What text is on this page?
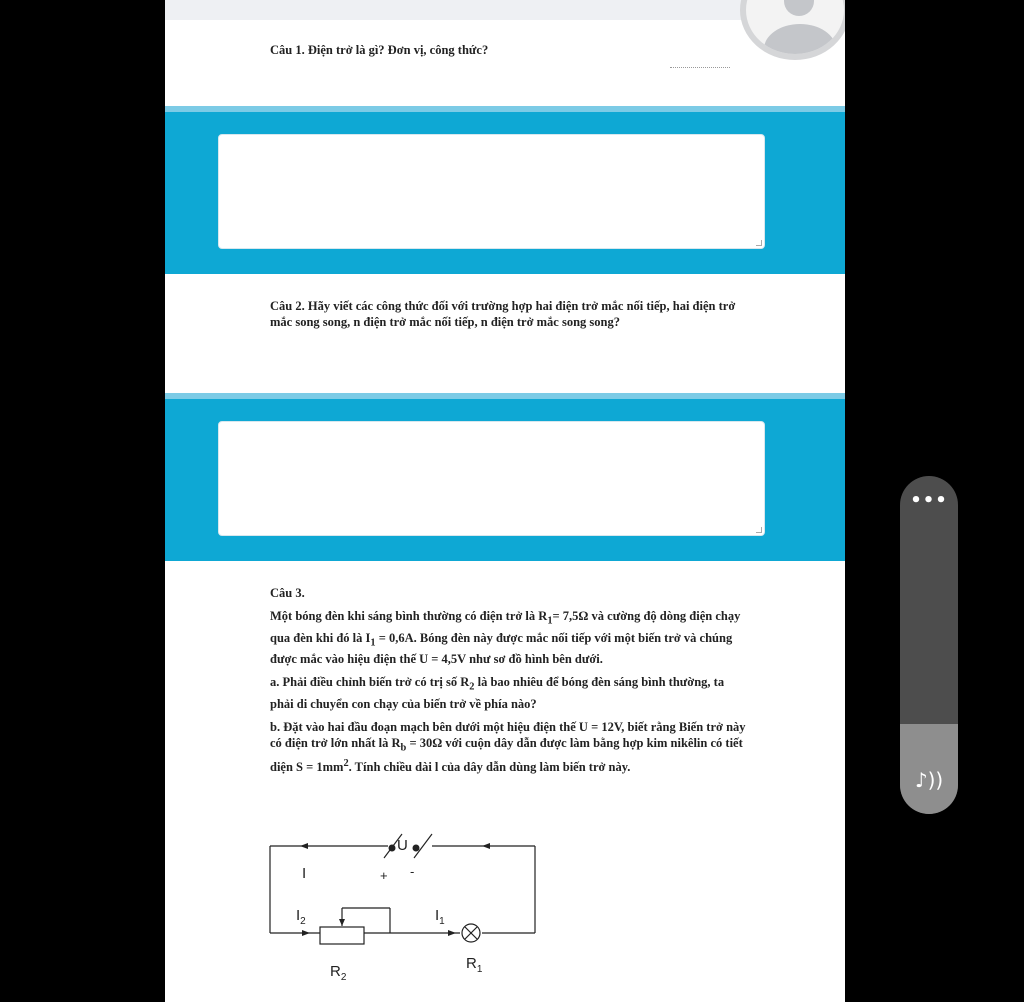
Câu 1. Điện trở là gì? Đơn vị, công thức?

Câu 2. Hãy viết các công thức đối với trường hợp hai điện trở mắc nối tiếp, hai điện trở mắc song song, n điện trở mắc nối tiếp, n điện trở mắc song song?

Câu 3.

Một bóng đèn khi sáng bình thường có điện trở là $R_1= 7,5\Omega$ và cường độ dòng điện chạy qua đèn khi đó là $I_1 = 0,6A$. Bóng đèn này được mắc nối tiếp với một biến trở và chúng được mắc vào hiệu điện thế U = 4,5V như sơ đồ hình bên dưới.

a. Phải điều chỉnh biến trở có trị số $R_2$ là bao nhiêu để bóng đèn sáng bình thường, ta phải di chuyển con chạy của biến trở về phía nào?

b. Đặt vào hai đầu đoạn mạch bên dưới một hiệu điện thế U = 12V, biết rằng Biến trở này có điện trở lớn nhất là $R_b = 30\Omega$ với cuộn dây dẫn được làm bằng hợp kim nikêlin có tiết diện $S = 1mm^2$. Tính chiều dài l của dây dẫn dùng làm biến trở này.

U
+ -
I
$I_2$	$I_1$
$R_2$
$R_1$
•••
♪))
